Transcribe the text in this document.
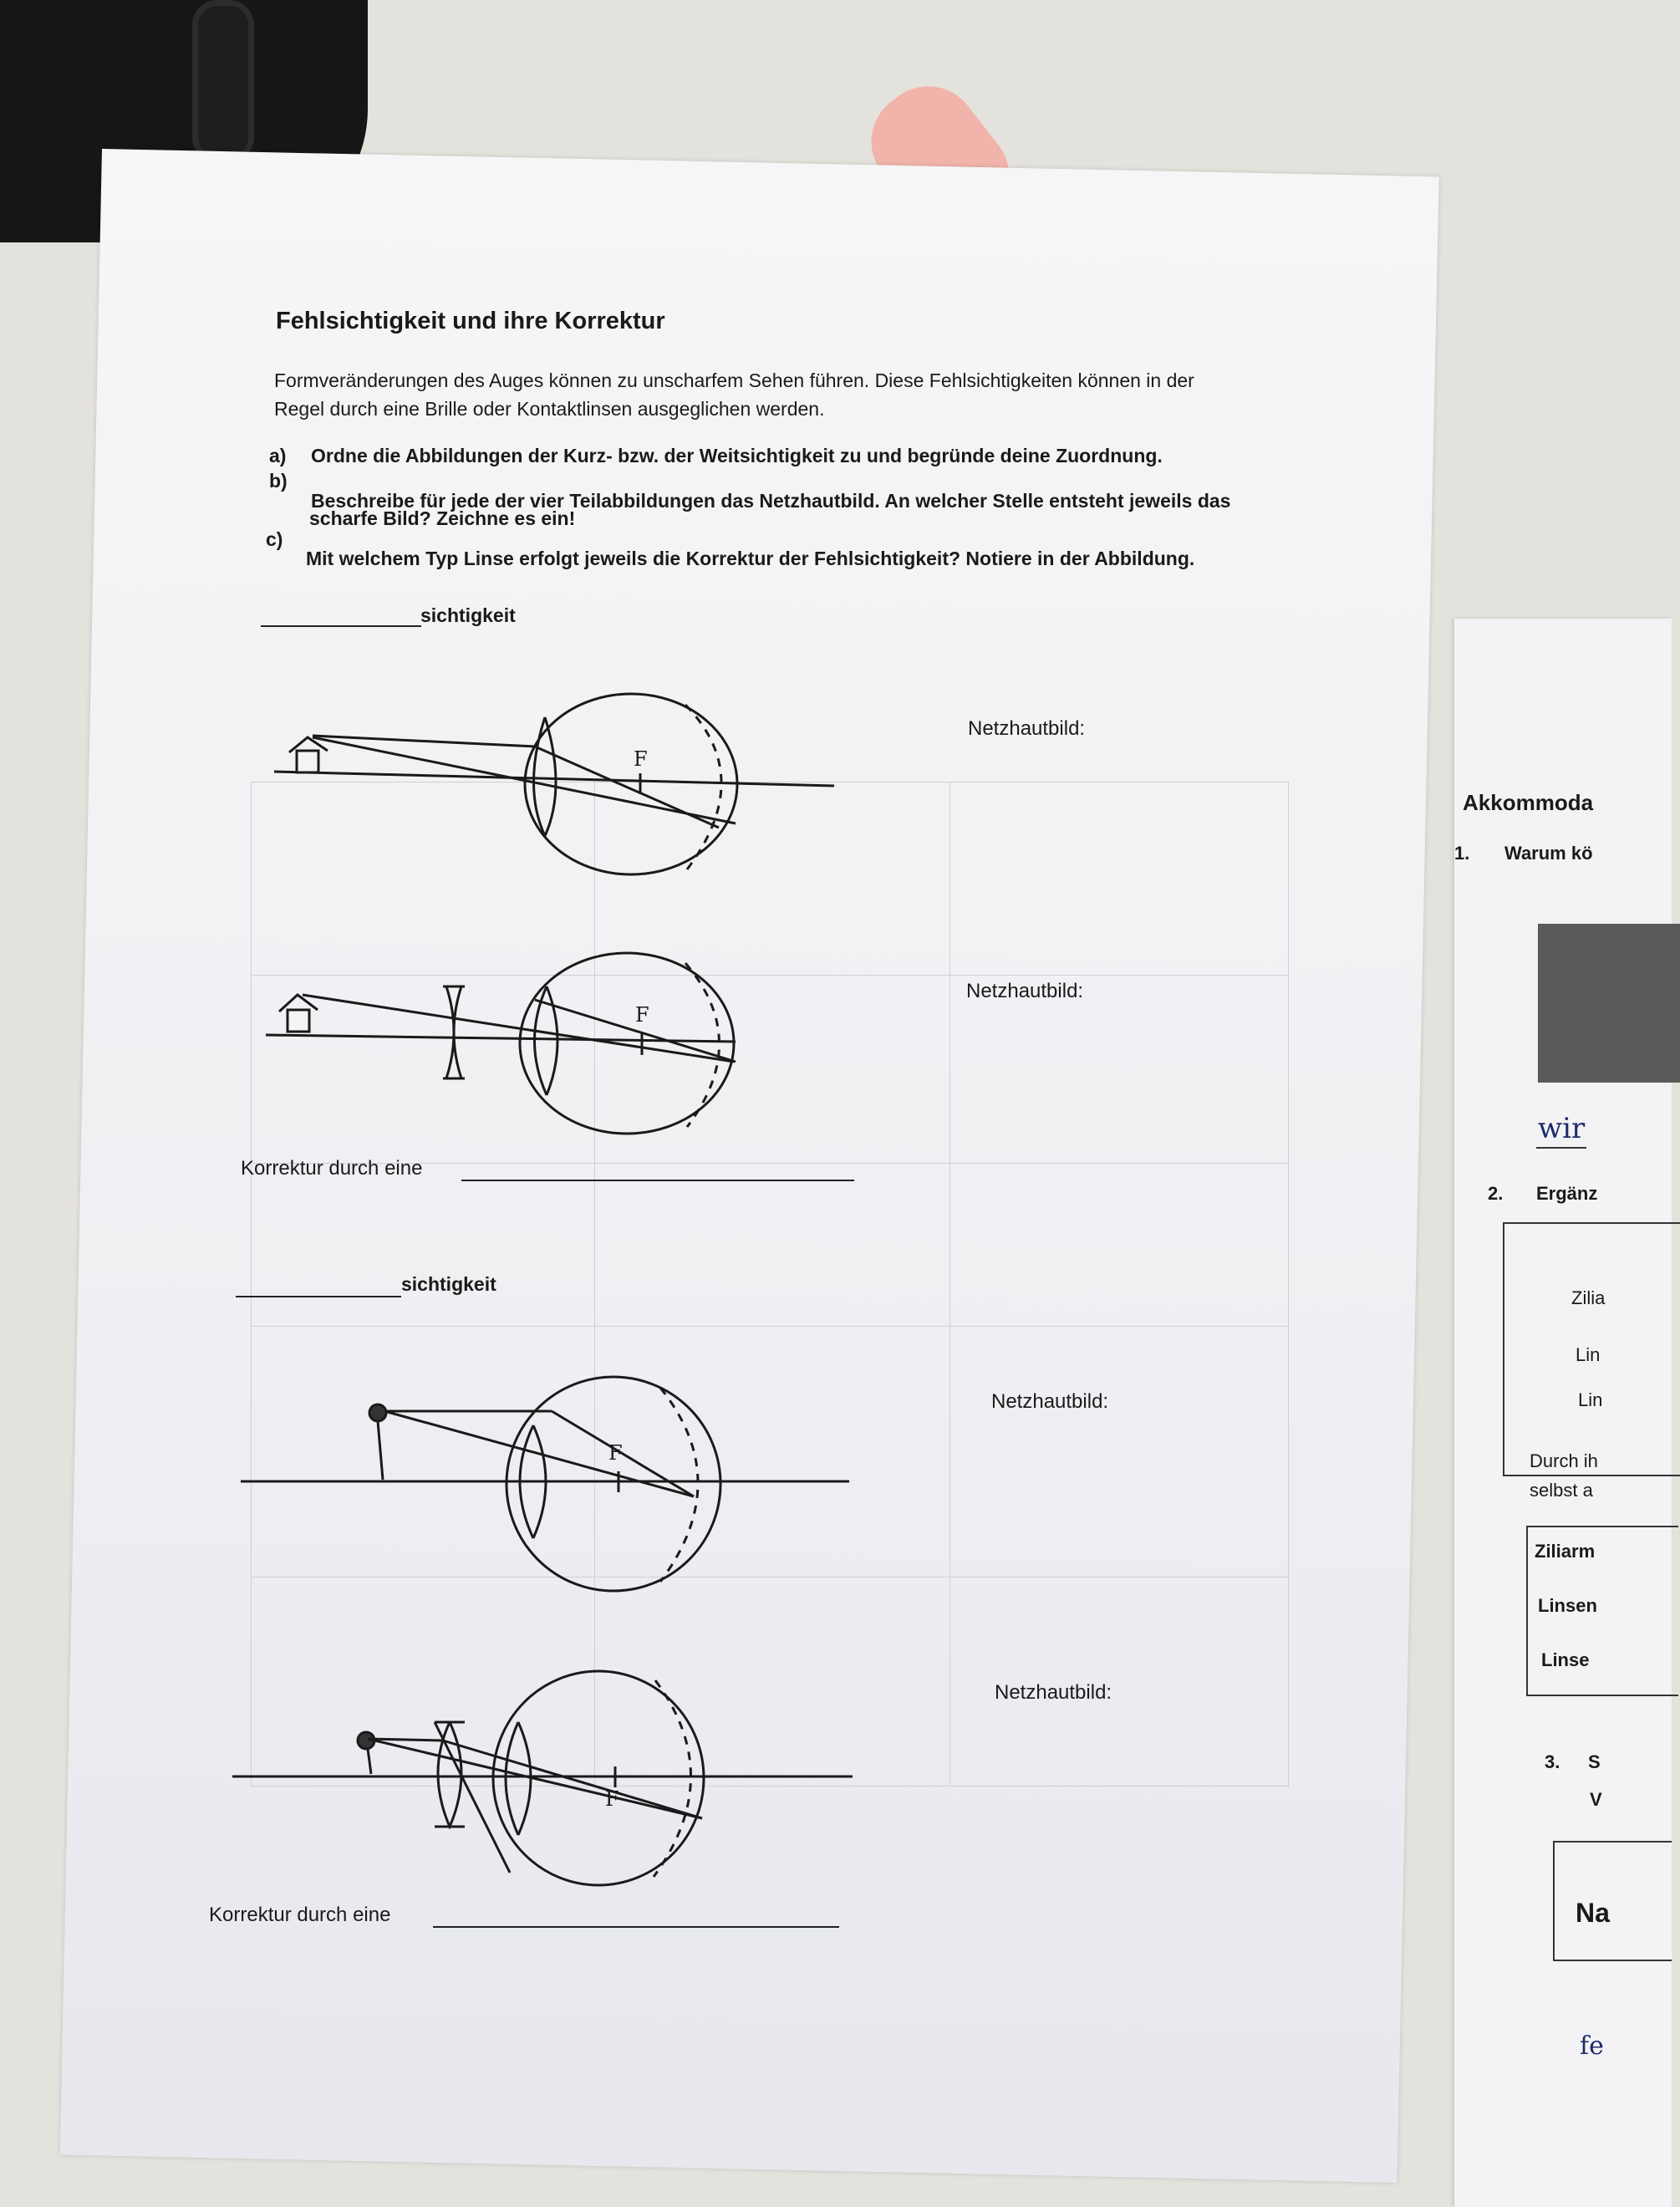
Akkommoda
1. Warum kö
wir
2. Ergänz
Zilia
Lin
Lin
Durch ih
selbst a
Ziliarm
Linsen
Linse
3. S
V
Na
fe
Fehlsichtigkeit und ihre Korrektur
Formveränderungen des Auges können zu unscharfem Sehen führen. Diese Fehlsichtigkeiten können in der
Regel durch eine Brille oder Kontaktlinsen ausgeglichen werden.
a) Ordne die Abbildungen der Kurz- bzw. der Weitsichtigkeit zu und begründe deine Zuordnung.
b)
Beschreibe für jede der vier Teilabbildungen das Netzhautbild. An welcher Stelle entsteht jeweils das
scharfe Bild? Zeichne es ein!
c)
Mit welchem Typ Linse erfolgt jeweils die Korrektur der Fehlsichtigkeit? Notiere in der Abbildung.
sichtigkeit
Netzhautbild:
Netzhautbild:
Netzhautbild:
Netzhautbild:
F
F
F
F
Korrektur durch eine
sichtigkeit
Korrektur durch eine
